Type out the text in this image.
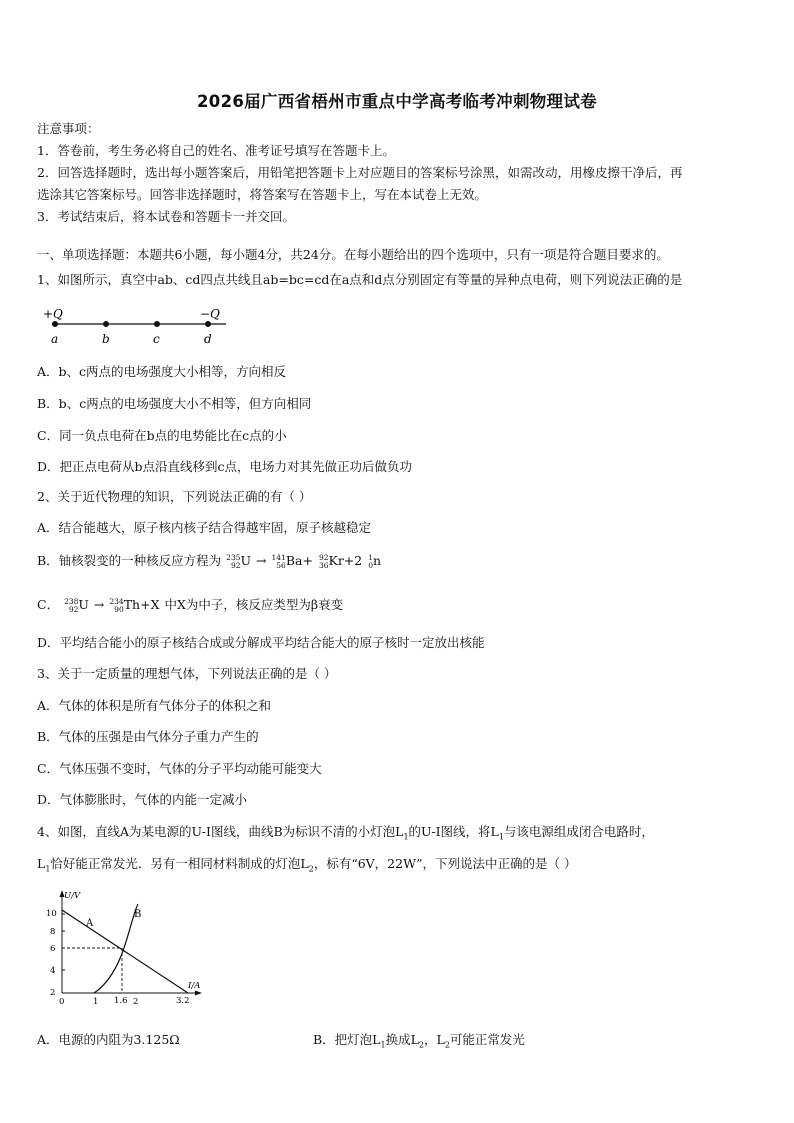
2026届广西省梧州市重点中学高考临考冲刺物理试卷
注意事项：
1．答卷前，考生务必将自己的姓名、准考证号填写在答题卡上。
2．回答选择题时，选出每小题答案后，用铅笔把答题卡上对应题目的答案标号涂黑，如需改动，用橡皮擦干净后，再
选涂其它答案标号。回答非选择题时，将答案写在答题卡上，写在本试卷上无效。
3．考试结束后，将本试卷和答题卡一并交回。
一、单项选择题：本题共6小题，每小题4分，共24分。在每小题给出的四个选项中，只有一项是符合题目要求的。
1、如图所示，真空中ab、cd四点共线且ab=bc=cd在a点和d点分别固定有等量的异种点电荷，则下列说法正确的是
+Q	−Q
a	b	c	d
A．b、c两点的电场强度大小相等，方向相反
B．b、c两点的电场强度大小不相等，但方向相同
C．同一负点电荷在b点的电势能比在c点的小
D．把正点电荷从b点沿直线移到c点，电场力对其先做正功后做负功
2、关于近代物理的知识，下列说法正确的有（ ）
A．结合能越大，原子核内核子结合得越牢固，原子核越稳定
B．铀核裂变的一种核反应方程为 235
92 U → 141
56 Ba+ 92
36 Kr+2 1
0 n
C． 238
92 U → 234
90 Th+X 中X为中子，核反应类型为β衰变
D．平均结合能小的原子核结合成或分解成平均结合能大的原子核时一定放出核能
3、关于一定质量的理想气体，下列说法正确的是（ ）
A．气体的体积是所有气体分子的体积之和
B．气体的压强是由气体分子重力产生的
C．气体压强不变时，气体的分子平均动能可能变大
D．气体膨胀时，气体的内能一定减小
4、如图，直线A为某电源的U-I图线，曲线B为标识不清的小灯泡$L_1$的U-I图线，将$L_1$与该电源组成闭合电路时，
$L_1$恰好能正常发光．另有一相同材料制成的灯泡$L_2$，标有“6V，22W”，下列说法中正确的是（ ）
U/V
I/A
10
8
6
4
2
0	1 1.6 2	3.2
A
B
A．电源的内阻为3.125Ω	B．把灯泡$L_1$换成$L_2$，$L_2$可能正常发光
